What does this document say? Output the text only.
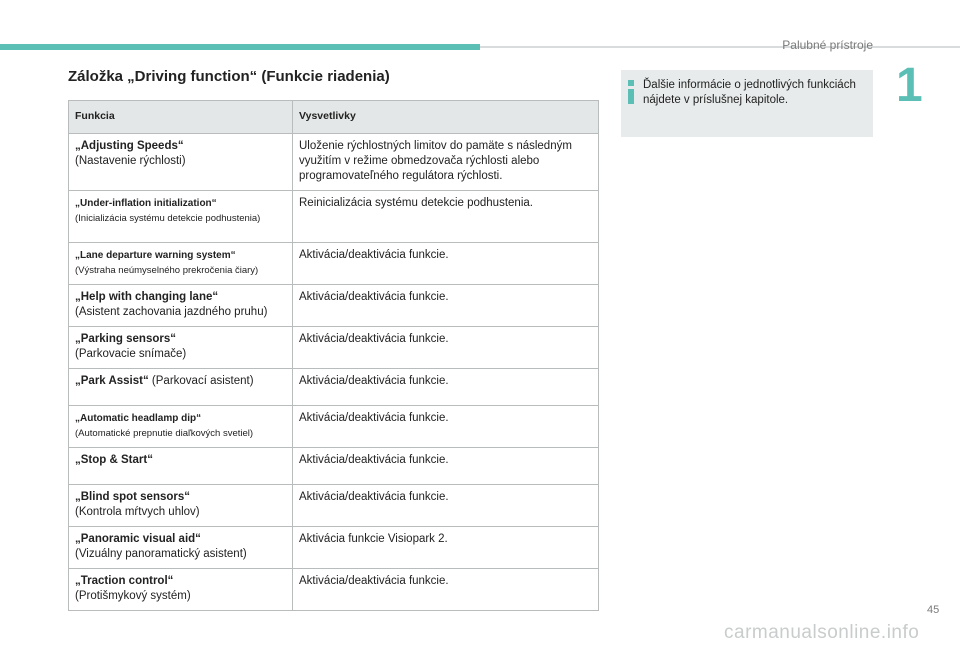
Palubné prístroje
1
Záložka „Driving function“ (Funkcie riadenia)
Funkcia	Vysvetlivky
„Adjusting Speeds“
(Nastavenie rýchlosti)	Uloženie rýchlostných limitov do pamäte s následným využitím v režime obmedzovača rýchlosti alebo programovateľného regulátora rýchlosti.
„Under-inflation initialization“
(Inicializácia systému detekcie podhustenia)	Reinicializácia systému detekcie podhustenia.
„Lane departure warning system“
(Výstraha neúmyselného prekročenia čiary)	Aktivácia/deaktivácia funkcie.
„Help with changing lane“
(Asistent zachovania jazdného pruhu)	Aktivácia/deaktivácia funkcie.
„Parking sensors“
(Parkovacie snímače)	Aktivácia/deaktivácia funkcie.
„Park Assist“ (Parkovací asistent)	Aktivácia/deaktivácia funkcie.
„Automatic headlamp dip“
(Automatické prepnutie diaľkových svetiel)	Aktivácia/deaktivácia funkcie.
„Stop & Start“	Aktivácia/deaktivácia funkcie.
„Blind spot sensors“
(Kontrola mŕtvych uhlov)	Aktivácia/deaktivácia funkcie.
„Panoramic visual aid“
(Vizuálny panoramatický asistent)	Aktivácia funkcie Visiopark 2.
„Traction control“
(Protišmykový systém)	Aktivácia/deaktivácia funkcie.
Ďalšie informácie o jednotlivých funkciách nájdete v príslušnej kapitole.
45
carmanualsonline.info
